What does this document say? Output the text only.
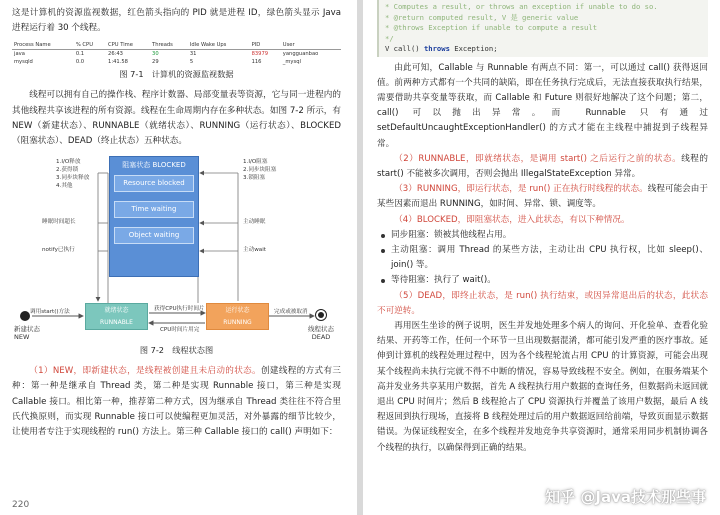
这是计算机的资源监视数据，红色箭头指向的 PID 就是进程 ID，绿色箭头显示 Java 进程运行着 30 个线程。

Process Name	% CPU	CPU Time	Threads	Idle Wake Ups	PID	User
java	0.1	26:43	30	31	83979	yangguanbao
mysqld	0.0	1:41.58	29	5	116	_mysql
图 7-1　计算机的资源监视数据

线程可以拥有自己的操作栈、程序计数器、局部变量表等资源，它与同一进程内的其他线程共享该进程的所有资源。线程在生命周期内存在多种状态。如图 7-2 所示，有 NEW（新建状态）、RUNNABLE（就绪状态）、RUNNING（运行状态）、BLOCKED（阻塞状态）、DEAD（终止状态）五种状态。

1.I/O释放
2.获得锁
3.同步块释放
4.其他
睡眠时间超长
notify已执行
1.I/O阻塞
2.同步块阻塞
3.锁阻塞
主动睡眠
主动wait
阻塞状态 BLOCKED
Resource blocked
Time waiting
Object waiting
新建状态
NEW
调用start()方法	就绪状态
RUNNABLE
获得CPU执行时间片	运行状态
RUNNING
CPU时间片用完
完成或被取消
线程状态
DEAD
图 7-2　线程状态图

（1）NEW，即新建状态，是线程被创建且未启动的状态。创建线程的方式有三种：第一种是继承自 Thread 类，第二种是实现 Runnable 接口，第三种是实现 Callable 接口。相比第一种，推荐第二种方式，因为继承自 Thread 类往往不符合里氏代换原则，而实现 Runnable 接口可以使编程更加灵活，对外暴露的细节比较少，让使用者专注于实现线程的 run() 方法上。第三种 Callable 接口的 call() 声明如下：

220
* Computes a result, or throws an exception if unable to do so.
* @return computed result, V 是 generic value
* @throws Exception if unable to compute a result
*/
V call() throws Exception;

由此可知，Callable 与 Runnable 有两点不同：第一，可以通过 call() 获得返回值。前两种方式都有一个共同的缺陷，即在任务执行完成后，无法直接获取执行结果，需要借助共享变量等获取，而 Callable 和 Future 则很好地解决了这个问题；第二，call() 可以抛出异常。而 Runnable 只有通过 setDefaultUncaughtExceptionHandler() 的方式才能在主线程中捕捉到子线程异常。

（2）RUNNABLE，即就绪状态，是调用 start() 之后运行之前的状态。线程的 start() 不能被多次调用，否则会抛出 IllegalStateException 异常。

（3）RUNNING，即运行状态，是 run() 正在执行时线程的状态。线程可能会由于某些因素而退出 RUNNING，如时间、异常、锁、调度等。

（4）BLOCKED，即阻塞状态，进入此状态，有以下种情况。

同步阻塞：锁被其他线程占用。

主动阻塞：调用 Thread 的某些方法，主动让出 CPU 执行权，比如 sleep()、join() 等。

等待阻塞：执行了 wait()。

（5）DEAD，即终止状态，是 run() 执行结束，或因异常退出后的状态，此状态不可逆转。

再用医生坐诊的例子说明，医生并发地处理多个病人的询问、开化验单、查看化验结果、开药等工作，任何一个环节一旦出现数据混淆，都可能引发严重的医疗事故。延伸到计算机的线程处理过程中，因为各个线程轮流占用 CPU 的计算资源，可能会出现某个线程尚未执行完就不得不中断的情况，容易导致线程不安全。例如，在服务端某个高并发业务共享某用户数据，首先 A 线程执行用户数据的查询任务，但数据尚未返回就退出 CPU 时间片；然后 B 线程抢占了 CPU 资源执行并覆盖了该用户数据，最后 A 线程返回到执行现场，直接将 B 线程处理过后的用户数据返回给前端，导致页面显示数据错误。为保证线程安全，在多个线程并发地竞争共享资源时，通常采用同步机制协调各个线程的执行，以确保得到正确的结果。

知乎 @Java技术那些事
